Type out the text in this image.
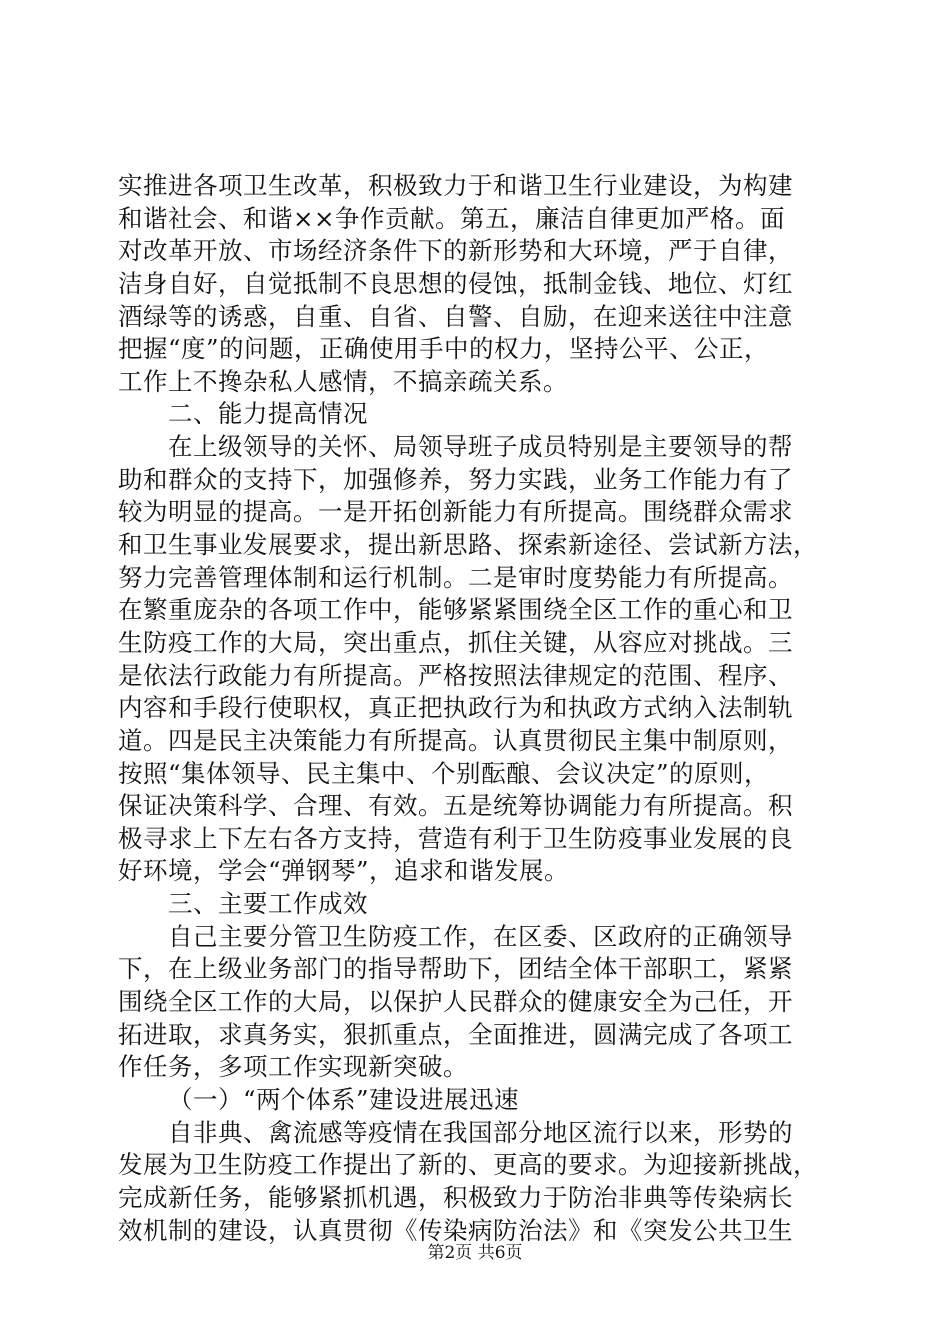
实推进各项卫生改革，积极致力于和谐卫生行业建设，为构建
和谐社会、和谐××争作贡献。第五，廉洁自律更加严格。面
对改革开放、市场经济条件下的新形势和大环境，严于自律，
洁身自好，自觉抵制不良思想的侵蚀，抵制金钱、地位、灯红
酒绿等的诱惑，自重、自省、自警、自励，在迎来送往中注意
把握“度”的问题，正确使用手中的权力，坚持公平、公正，
工作上不搀杂私人感情，不搞亲疏关系。
二、能力提高情况
在上级领导的关怀、局领导班子成员特别是主要领导的帮
助和群众的支持下，加强修养，努力实践，业务工作能力有了
较为明显的提高。一是开拓创新能力有所提高。围绕群众需求
和卫生事业发展要求，提出新思路、探索新途径、尝试新方法，
努力完善管理体制和运行机制。二是审时度势能力有所提高。
在繁重庞杂的各项工作中，能够紧紧围绕全区工作的重心和卫
生防疫工作的大局，突出重点，抓住关键，从容应对挑战。三
是依法行政能力有所提高。严格按照法律规定的范围、程序、
内容和手段行使职权，真正把执政行为和执政方式纳入法制轨
道。四是民主决策能力有所提高。认真贯彻民主集中制原则，
按照“集体领导、民主集中、个别酝酿、会议决定”的原则，
保证决策科学、合理、有效。五是统筹协调能力有所提高。积
极寻求上下左右各方支持，营造有利于卫生防疫事业发展的良
好环境，学会“弹钢琴”，追求和谐发展。
三、主要工作成效
自己主要分管卫生防疫工作，在区委、区政府的正确领导
下，在上级业务部门的指导帮助下，团结全体干部职工，紧紧
围绕全区工作的大局，以保护人民群众的健康安全为己任，开
拓进取，求真务实，狠抓重点，全面推进，圆满完成了各项工
作任务，多项工作实现新突破。
（一）“两个体系”建设进展迅速
自非典、禽流感等疫情在我国部分地区流行以来，形势的
发展为卫生防疫工作提出了新的、更高的要求。为迎接新挑战，
完成新任务，能够紧抓机遇，积极致力于防治非典等传染病长
效机制的建设，认真贯彻《传染病防治法》和《突发公共卫生
第2页 共6页
